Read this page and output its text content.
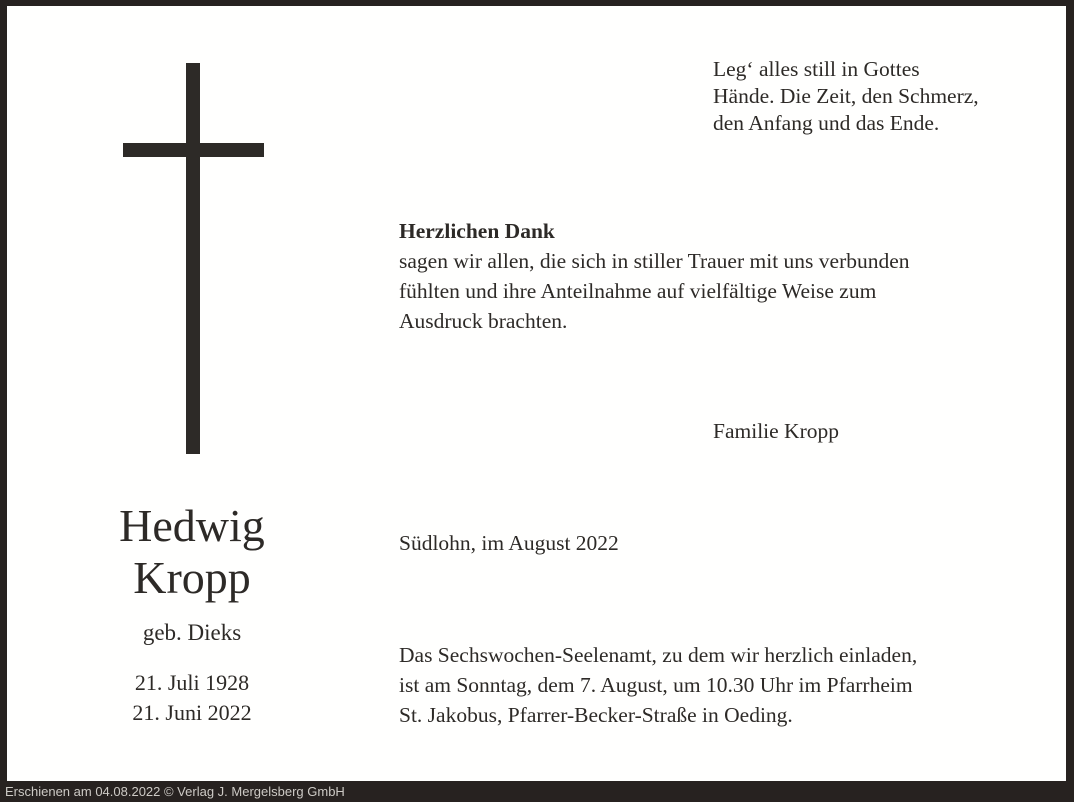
Leg‘ alles still in Gottes
Hände. Die Zeit, den Schmerz,
den Anfang und das Ende.
Herzlichen Dank
sagen wir allen, die sich in stiller Trauer mit uns verbunden
fühlten und ihre Anteilnahme auf vielfältige Weise zum
Ausdruck brachten.
Familie Kropp
Hedwig
Kropp
geb. Dieks
21. Juli 1928
21. Juni 2022
Südlohn, im August 2022
Das Sechswochen-Seelenamt, zu dem wir herzlich einladen,
ist am Sonntag, dem 7. August, um 10.30 Uhr im Pfarrheim
St. Jakobus, Pfarrer-Becker-Straße in Oeding.
Erschienen am 04.08.2022 © Verlag J. Mergelsberg GmbH
